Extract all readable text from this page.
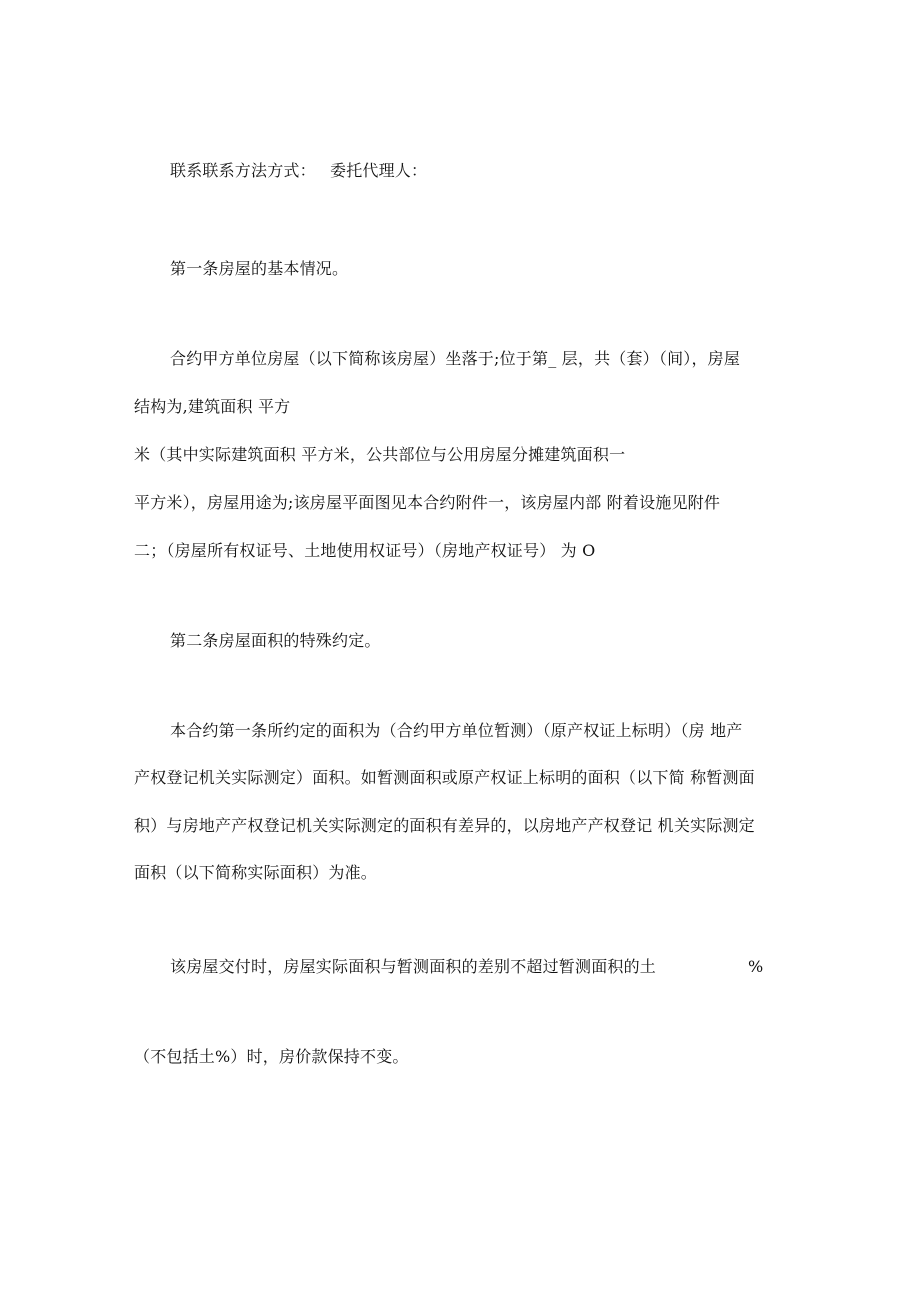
联系联系方法方式： 委托代理人：
第一条房屋的基本情况。
合约甲方单位房屋（以下简称该房屋）坐落于;位于第_ 层，共（套）（间），房屋
结构为,建筑面积 平方
米（其中实际建筑面积 平方米，公共部位与公用房屋分摊建筑面积一
平方米），房屋用途为;该房屋平面图见本合约附件一，该房屋内部 附着设施见附件
二；（房屋所有权证号、土地使用权证号）（房地产权证号） 为 O
第二条房屋面积的特殊约定。
本合约第一条所约定的面积为（合约甲方单位暂测）（原产权证上标明）（房 地产
产权登记机关实际测定）面积。如暂测面积或原产权证上标明的面积（以下简 称暂测面
积）与房地产产权登记机关实际测定的面积有差异的，以房地产产权登记 机关实际测定
面积（以下简称实际面积）为准。
该房屋交付时，房屋实际面积与暂测面积的差别不超过暂测面积的土	%
（不包括土%）时，房价款保持不变。
